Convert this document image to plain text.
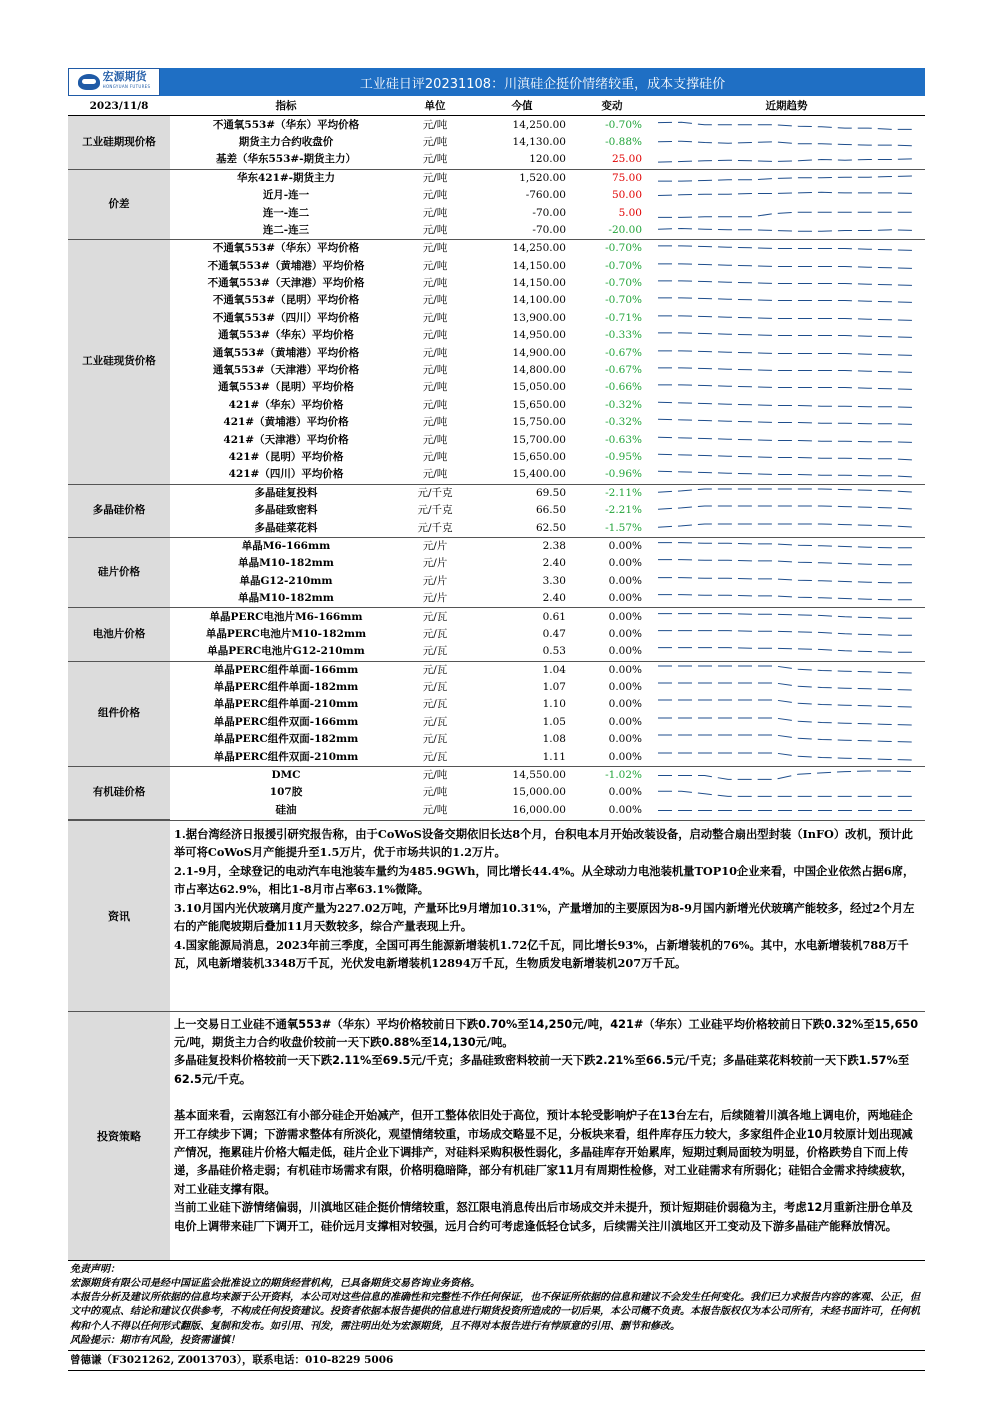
宏源期货
HONGYUAN FUTURES	工业硅日评20231108：川滇硅企挺价情绪较重，成本支撑硅价
2023/11/8	指标	单位	今值	变动	近期趋势
工业硅期现价格	不通氧553#（华东）平均价格	元/吨	14,250.00	-0.70%	

	期货主力合约收盘价	元/吨	14,130.00	-0.88%	

	基差（华东553#-期货主力）	元/吨	120.00	25.00	

价差	华东421#-期货主力	元/吨	1,520.00	75.00	

	近月-连一	元/吨	-760.00	50.00	

	连一-连二	元/吨	-70.00	5.00	

	连二-连三	元/吨	-70.00	-20.00	

工业硅现货价格	不通氧553#（华东）平均价格	元/吨	14,250.00	-0.70%	

	不通氧553#（黄埔港）平均价格	元/吨	14,150.00	-0.70%	

	不通氧553#（天津港）平均价格	元/吨	14,150.00	-0.70%	

	不通氧553#（昆明）平均价格	元/吨	14,100.00	-0.70%	

	不通氧553#（四川）平均价格	元/吨	13,900.00	-0.71%	

	通氧553#（华东）平均价格	元/吨	14,950.00	-0.33%	

	通氧553#（黄埔港）平均价格	元/吨	14,900.00	-0.67%	

	通氧553#（天津港）平均价格	元/吨	14,800.00	-0.67%	

	通氧553#（昆明）平均价格	元/吨	15,050.00	-0.66%	

	421#（华东）平均价格	元/吨	15,650.00	-0.32%	

	421#（黄埔港）平均价格	元/吨	15,750.00	-0.32%	

	421#（天津港）平均价格	元/吨	15,700.00	-0.63%	

	421#（昆明）平均价格	元/吨	15,650.00	-0.95%	

	421#（四川）平均价格	元/吨	15,400.00	-0.96%	

多晶硅价格	多晶硅复投料	元/千克	69.50	-2.11%	

	多晶硅致密料	元/千克	66.50	-2.21%	

	多晶硅菜花料	元/千克	62.50	-1.57%	

硅片价格	单晶M6-166mm	元/片	2.38	0.00%	

	单晶M10-182mm	元/片	2.40	0.00%	

	单晶G12-210mm	元/片	3.30	0.00%	

	单晶M10-182mm	元/片	2.40	0.00%	

电池片价格	单晶PERC电池片M6-166mm	元/瓦	0.61	0.00%	

	单晶PERC电池片M10-182mm	元/瓦	0.47	0.00%	

	单晶PERC电池片G12-210mm	元/瓦	0.53	0.00%	

组件价格	单晶PERC组件单面-166mm	元/瓦	1.04	0.00%	

	单晶PERC组件单面-182mm	元/瓦	1.07	0.00%	

	单晶PERC组件单面-210mm	元/瓦	1.10	0.00%	

	单晶PERC组件双面-166mm	元/瓦	1.05	0.00%	

	单晶PERC组件双面-182mm	元/瓦	1.08	0.00%	

	单晶PERC组件双面-210mm	元/瓦	1.11	0.00%	

有机硅价格	DMC	元/吨	14,550.00	-1.02%	

	107胶	元/吨	15,000.00	0.00%	

	硅油	元/吨	16,000.00	0.00%	
资讯

1.据台湾经济日报援引研究报告称，由于CoWoS设备交期依旧长达8个月，台积电本月开始改装设备，启动整合扇出型封装（InFO）改机，预计此举可将CoWoS月产能提升至1.5万片，优于市场共识的1.2万片。

2.1-9月，全球登记的电动汽车电池装车量约为485.9GWh，同比增长44.4%。从全球动力电池装机量TOP10企业来看，中国企业依然占据6席，市占率达62.9%，相比1-8月市占率63.1%微降。

3.10月国内光伏玻璃月度产量为227.02万吨，产量环比9月增加10.31%，产量增加的主要原因为8-9月国内新增光伏玻璃产能较多，经过2个月左右的产能爬坡期后叠加11月天数较多，综合产量表现上升。

4.国家能源局消息，2023年前三季度，全国可再生能源新增装机1.72亿千瓦，同比增长93%，占新增装机的76%。其中，水电新增装机788万千瓦，风电新增装机3348万千瓦，光伏发电新增装机12894万千瓦，生物质发电新增装机207万千瓦。

投资策略

上一交易日工业硅不通氧553#（华东）平均价格较前日下跌0.70%至14,250元/吨，421#（华东）工业硅平均价格较前日下跌0.32%至15,650元/吨，期货主力合约收盘价较前一天下跌0.88%至14,130元/吨。

多晶硅复投料价格较前一天下跌2.11%至69.5元/千克；多晶硅致密料较前一天下跌2.21%至66.5元/千克；多晶硅菜花料较前一天下跌1.57%至62.5元/千克。

基本面来看，云南怒江有小部分硅企开始减产，但开工整体依旧处于高位，预计本轮受影响炉子在13台左右，后续随着川滇各地上调电价，两地硅企开工存续步下调；下游需求整体有所淡化，观望情绪较重，市场成交略显不足，分板块来看，组件库存压力较大，多家组件企业10月较原计划出现减产情况，拖累硅片价格大幅走低，硅片企业下调排产，对硅料采购积极性弱化，多晶硅库存开始累库，短期过剩局面较为明显，价格跌势自下而上传递，多晶硅价格走弱；有机硅市场需求有限，价格明稳暗降，部分有机硅厂家11月有周期性检修，对工业硅需求有所弱化；硅铝合金需求持续疲软，对工业硅支撑有限。

当前工业硅下游情绪偏弱，川滇地区硅企挺价情绪较重，怒江限电消息传出后市场成交并未提升，预计短期硅价弱稳为主，考虑12月重新注册仓单及电价上调带来硅厂下调开工，硅价远月支撑相对较强，远月合约可考虑逢低轻仓试多，后续需关注川滇地区开工变动及下游多晶硅产能释放情况。

免责声明：
宏源期货有限公司是经中国证监会批准设立的期货经营机构，已具备期货交易咨询业务资格。
本报告分析及建议所依据的信息均来源于公开资料，本公司对这些信息的准确性和完整性不作任何保证，也不保证所依据的信息和建议不会发生任何变化。我们已力求报告内容的客观、公正，但文中的观点、结论和建议仅供参考，不构成任何投资建议。投资者依据本报告提供的信息进行期货投资所造成的一切后果，本公司概不负责。本报告版权仅为本公司所有，未经书面许可，任何机构和个人不得以任何形式翻版、复制和发布。如引用、刊发，需注明出处为宏源期货，且不得对本报告进行有悖原意的引用、删节和修改。
风险提示：期市有风险，投资需谨慎！
曾德谦（F3021262, Z0013703），联系电话：010-8229 5006
